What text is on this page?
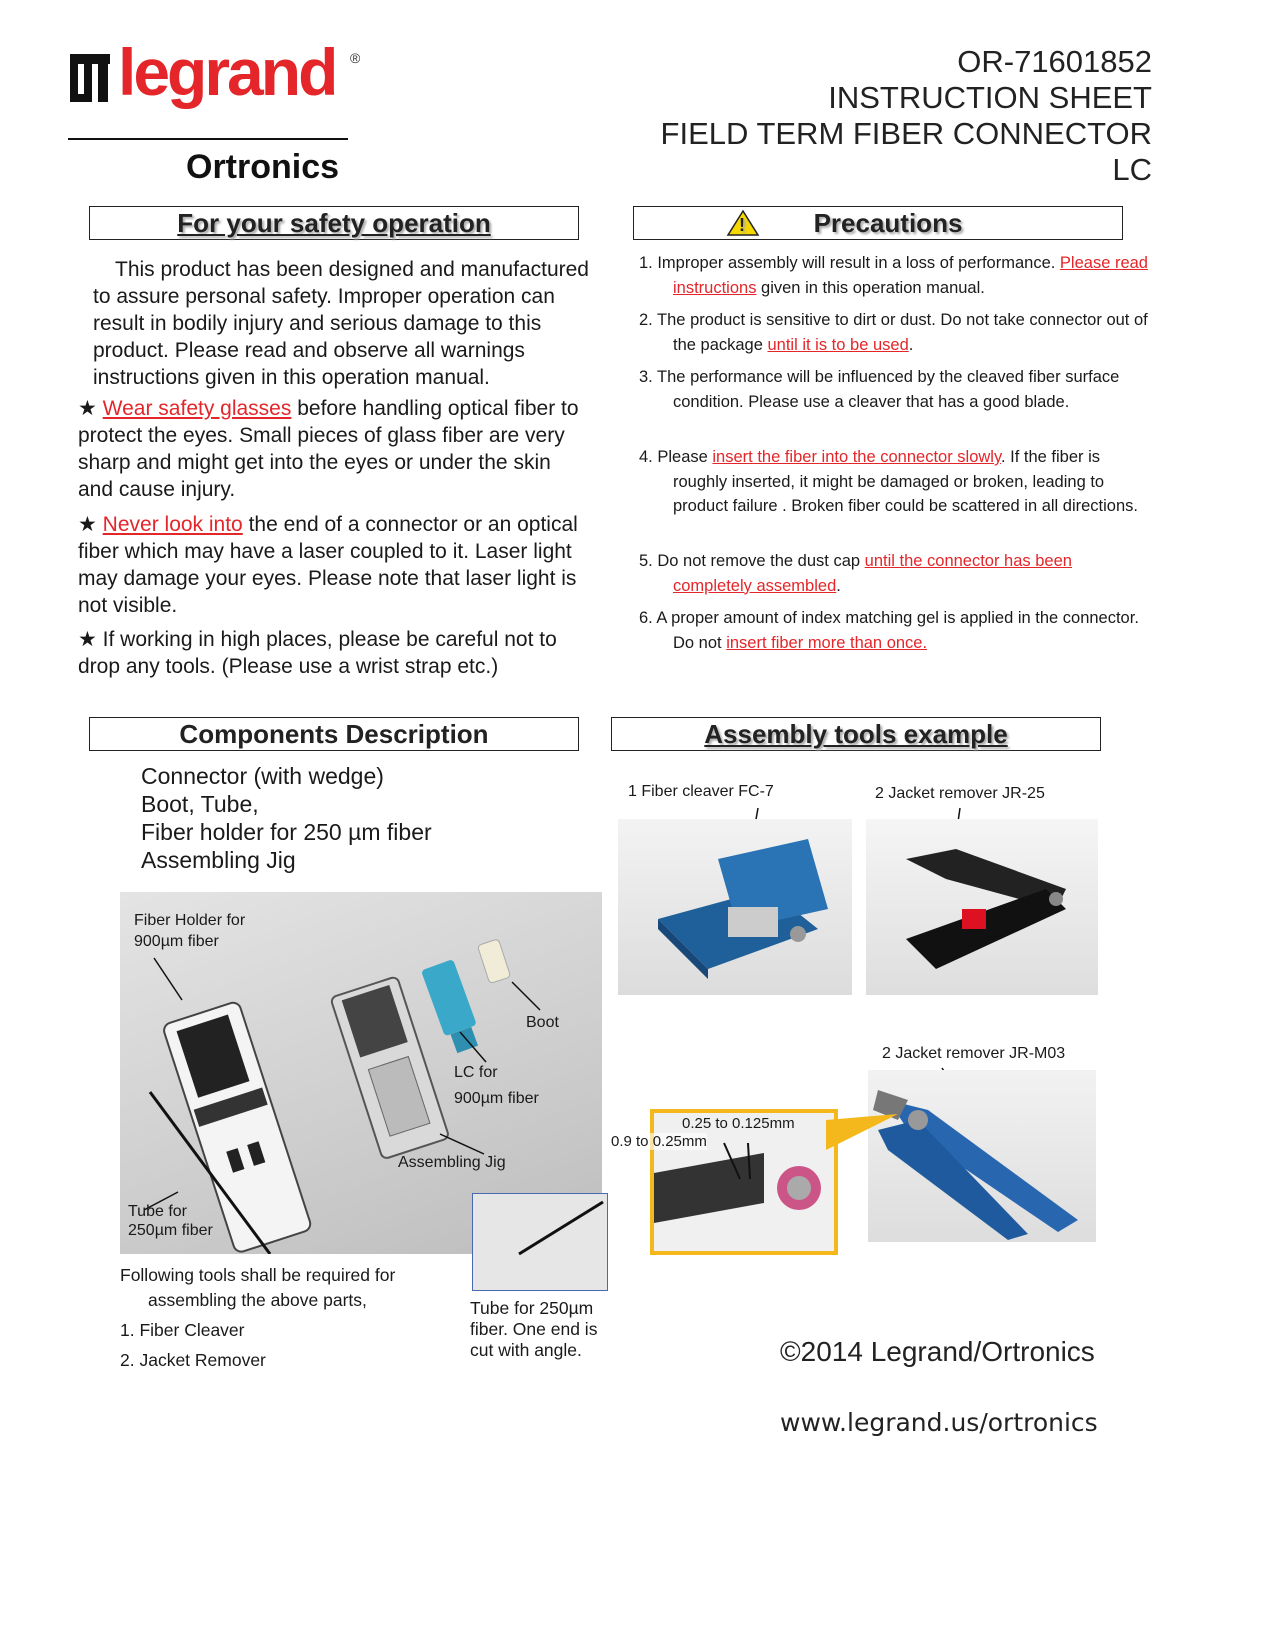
legrand ®
Ortronics
OR-71601852
INSTRUCTION SHEET
FIELD TERM FIBER CONNECTOR
LC
For your safety operation
This product has been designed and manufactured to assure personal safety. Improper operation can result in bodily injury and serious damage to this product. Please read and observe all warnings instructions given in this operation manual.
★ Wear safety glasses before handling optical fiber to protect the eyes. Small pieces of glass fiber are very sharp and might get into the eyes or under the skin and cause injury.
★ Never look into the end of a connector or an optical fiber which may have a laser coupled to it. Laser light may damage your eyes. Please note that laser light is not visible.
★ If working in high places, please be careful not to drop any tools. (Please use a wrist strap etc.)
!	Precautions
1. Improper assembly will result in a loss of performance. Please read instructions given in this operation manual.
2. The product is sensitive to dirt or dust. Do not take connector out of the package until it is to be used.
3. The performance will be influenced by the cleaved fiber surface condition. Please use a cleaver that has a good blade.
4. Please insert the fiber into the connector slowly. If the fiber is roughly inserted, it might be damaged or broken, leading to product failure . Broken fiber could be scattered in all directions.
5. Do not remove the dust cap until the connector has been completely assembled.
6. A proper amount of index matching gel is applied in the connector. Do not insert fiber more than once.
Components Description
Connector (with wedge)
Boot, Tube,
Fiber holder for 250 µm fiber
Assembling Jig
Fiber Holder for
900µm fiber
Boot
LC for
900µm fiber
Assembling Jig
Tube for
250µm fiber
Following tools shall be required for
assembling the above parts,
1. Fiber Cleaver
2. Jacket Remover
Tube for 250µm
fiber. One end is
cut with angle.
Assembly tools example
1 Fiber cleaver FC-7	2 Jacket remover JR-25
2 Jacket remover JR-M03
0.25 to 0.125mm
0.9 to 0.25mm
©2014 Legrand/Ortronics
www.legrand.us/ortronics
